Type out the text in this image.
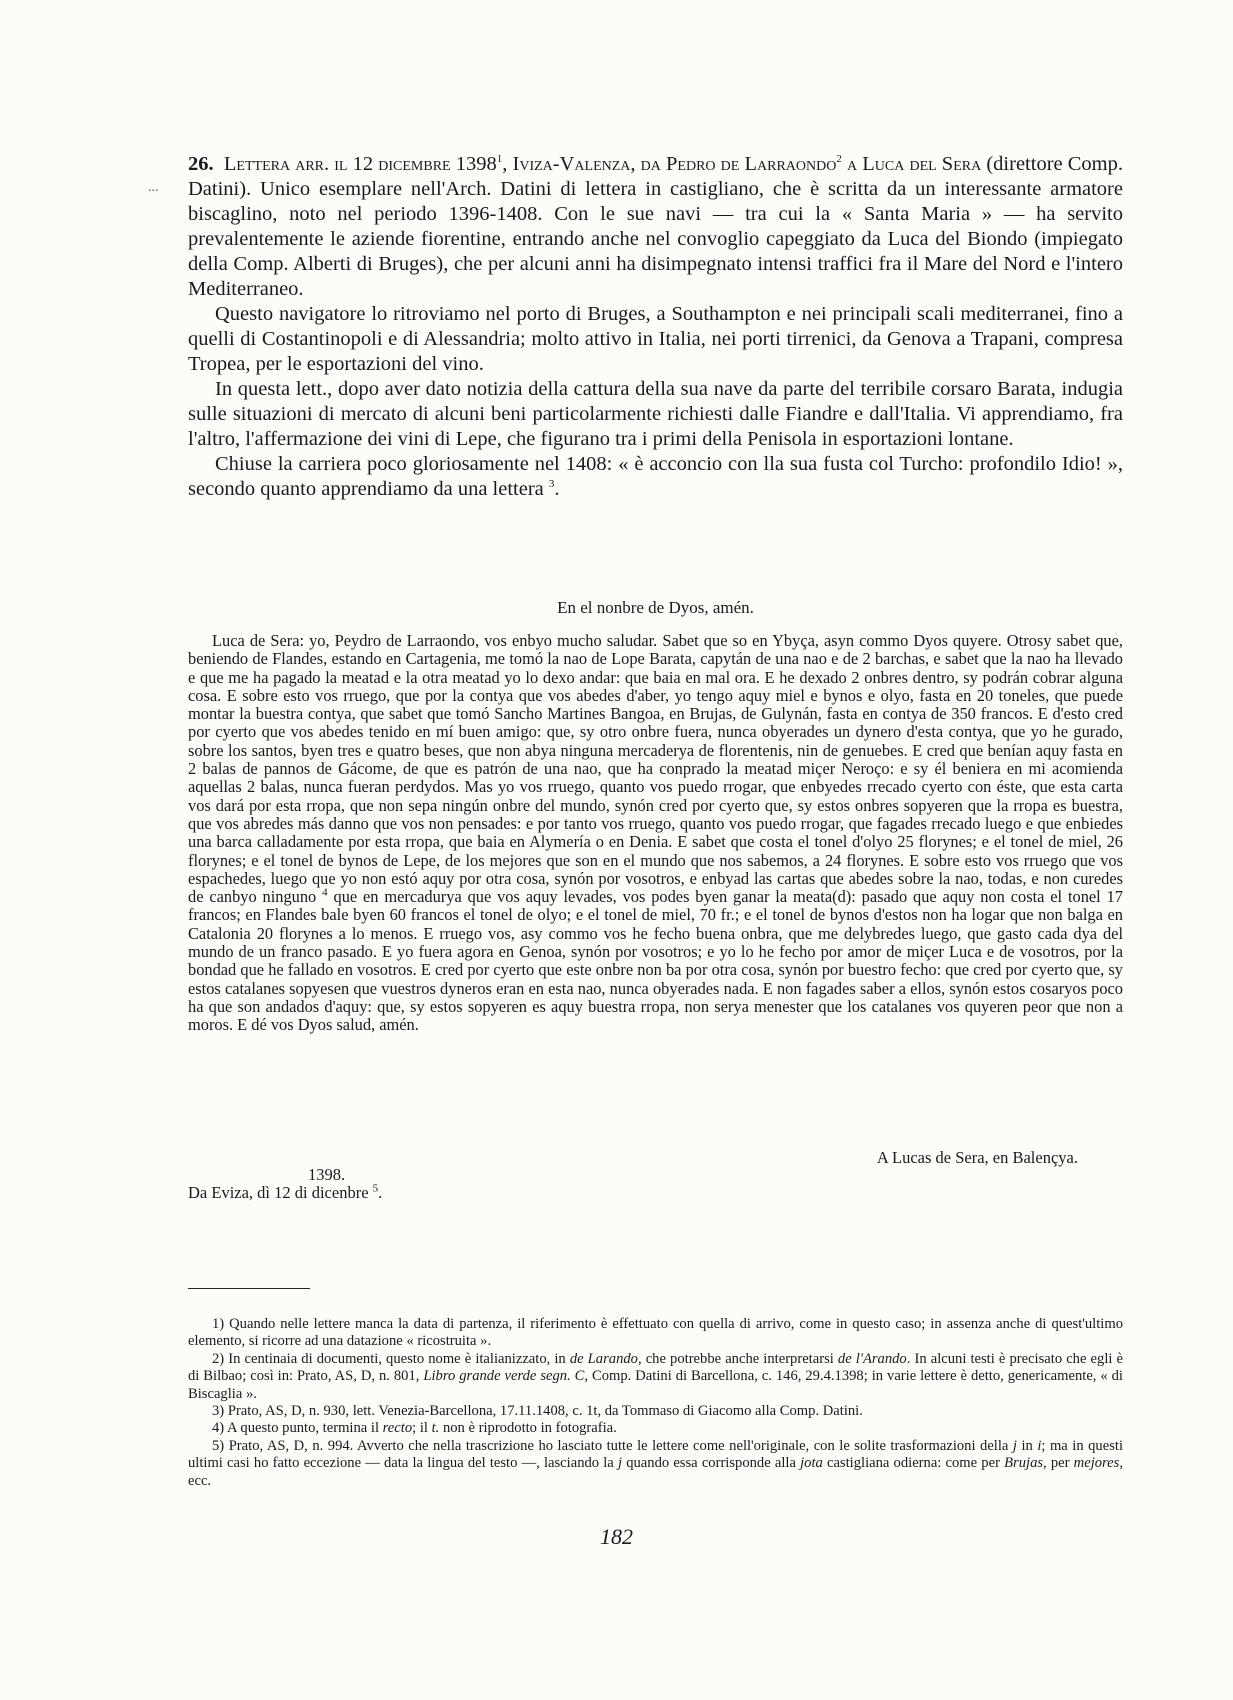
...

26. Lettera arr. il 12 dicembre 1398$^1$, Iviza-Valenza, da Pedro de Larraondo$^2$ a Luca del Sera (direttore Comp. Datini). Unico esemplare nell'Arch. Datini di lettera in castigliano, che è scritta da un interessante armatore biscaglino, noto nel periodo 1396-1408. Con le sue navi — tra cui la « Santa Maria » — ha servito prevalentemente le aziende fiorentine, entrando anche nel convoglio capeggiato da Luca del Biondo (impiegato della Comp. Alberti di Bruges), che per alcuni anni ha disimpegnato intensi traffici fra il Mare del Nord e l'intero Mediterraneo.

Questo navigatore lo ritroviamo nel porto di Bruges, a Southampton e nei principali scali mediterranei, fino a quelli di Costantinopoli e di Alessandria; molto attivo in Italia, nei porti tirrenici, da Genova a Trapani, compresa Tropea, per le esportazioni del vino.

In questa lett., dopo aver dato notizia della cattura della sua nave da parte del terribile corsaro Barata, indugia sulle situazioni di mercato di alcuni beni particolarmente richiesti dalle Fiandre e dall'Italia. Vi apprendiamo, fra l'altro, l'affermazione dei vini di Lepe, che figurano tra i primi della Penisola in esportazioni lontane.

Chiuse la carriera poco gloriosamente nel 1408: « è acconcio con lla sua fusta col Turcho: profondilo Idio! », secondo quanto apprendiamo da una lettera $^3$.

En el nonbre de Dyos, amén.

Luca de Sera: yo, Peydro de Larraondo, vos enbyo mucho saludar. Sabet que so en Ybyça, asyn commo Dyos quyere. Otrosy sabet que, beniendo de Flandes, estando en Cartagenia, me tomó la nao de Lope Barata, capytán de una nao e de 2 barchas, e sabet que la nao ha llevado e que me ha pagado la meatad e la otra meatad yo lo dexo andar: que baia en mal ora. E he dexado 2 onbres dentro, sy podrán cobrar alguna cosa. E sobre esto vos rruego, que por la contya que vos abedes d'aber, yo tengo aquy miel e bynos e olyo, fasta en 20 toneles, que puede montar la buestra contya, que sabet que tomó Sancho Martines Bangoa, en Brujas, de Gulynán, fasta en contya de 350 francos. E d'esto cred por cyerto que vos abedes tenido en mí buen amigo: que, sy otro onbre fuera, nunca obyerades un dynero d'esta contya, que yo he gurado, sobre los santos, byen tres e quatro beses, que non abya ninguna mercaderya de florentenis, nin de genuebes. E cred que benían aquy fasta en 2 balas de pannos de Gácome, de que es patrón de una nao, que ha conprado la meatad miçer Neroço: e sy él beniera en mi acomienda aquellas 2 balas, nunca fueran perdydos. Mas yo vos rruego, quanto vos puedo rrogar, que enbyedes rrecado cyerto con éste, que esta carta vos dará por esta rropa, que non sepa ningún onbre del mundo, synón cred por cyerto que, sy estos onbres sopyeren que la rropa es buestra, que vos abredes más danno que vos non pensades: e por tanto vos rruego, quanto vos puedo rrogar, que fagades rrecado luego e que enbiedes una barca calladamente por esta rropa, que baia en Alymería o en Denia. E sabet que costa el tonel d'olyo 25 florynes; e el tonel de miel, 26 florynes; e el tonel de bynos de Lepe, de los mejores que son en el mundo que nos sabemos, a 24 florynes. E sobre esto vos rruego que vos espachedes, luego que yo non estó aquy por otra cosa, synón por vosotros, e enbyad las cartas que abedes sobre la nao, todas, e non curedes de canbyo ninguno $^4$ que en mercadurya que vos aquy levades, vos podes byen ganar la meata(d): pasado que aquy non costa el tonel 17 francos; en Flandes bale byen 60 francos el tonel de olyo; e el tonel de miel, 70 fr.; e el tonel de bynos d'estos non ha logar que non balga en Catalonia 20 florynes a lo menos. E rruego vos, asy commo vos he fecho buena onbra, que me delybredes luego, que gasto cada dya del mundo de un franco pasado. E yo fuera agora en Genoa, synón por vosotros; e yo lo he fecho por amor de miçer Luca e de vosotros, por la bondad que he fallado en vosotros. E cred por cyerto que este onbre non ba por otra cosa, synón por buestro fecho: que cred por cyerto que, sy estos catalanes sopyesen que vuestros dyneros eran en esta nao, nunca obyerades nada. E non fagades saber a ellos, synón estos cosaryos poco ha que son andados d'aquy: que, sy estos sopyeren es aquy buestra rropa, non serya menester que los catalanes vos quyeren peor que non a moros. E dé vos Dyos salud, amén.

A Lucas de Sera, en Balençya.
1398.
Da Eviza, dì 12 di dicenbre $^5$.

1) Quando nelle lettere manca la data di partenza, il riferimento è effettuato con quella di arrivo, come in questo caso; in assenza anche di quest'ultimo elemento, si ricorre ad una datazione « ricostruita ».

2) In centinaia di documenti, questo nome è italianizzato, in de Larando, che potrebbe anche interpretarsi de l'Arando. In alcuni testi è precisato che egli è di Bilbao; così in: Prato, AS, D, n. 801, Libro grande verde segn. C, Comp. Datini di Barcellona, c. 146, 29.4.1398; in varie lettere è detto, genericamente, « di Biscaglia ».

3) Prato, AS, D, n. 930, lett. Venezia-Barcellona, 17.11.1408, c. 1t, da Tommaso di Giacomo alla Comp. Datini.

4) A questo punto, termina il recto; il t. non è riprodotto in fotografia.

5) Prato, AS, D, n. 994. Avverto che nella trascrizione ho lasciato tutte le lettere come nell'originale, con le solite trasformazioni della j in i; ma in questi ultimi casi ho fatto eccezione — data la lingua del testo —, lasciando la j quando essa corrisponde alla jota castigliana odierna: come per Brujas, per mejores, ecc.

182
